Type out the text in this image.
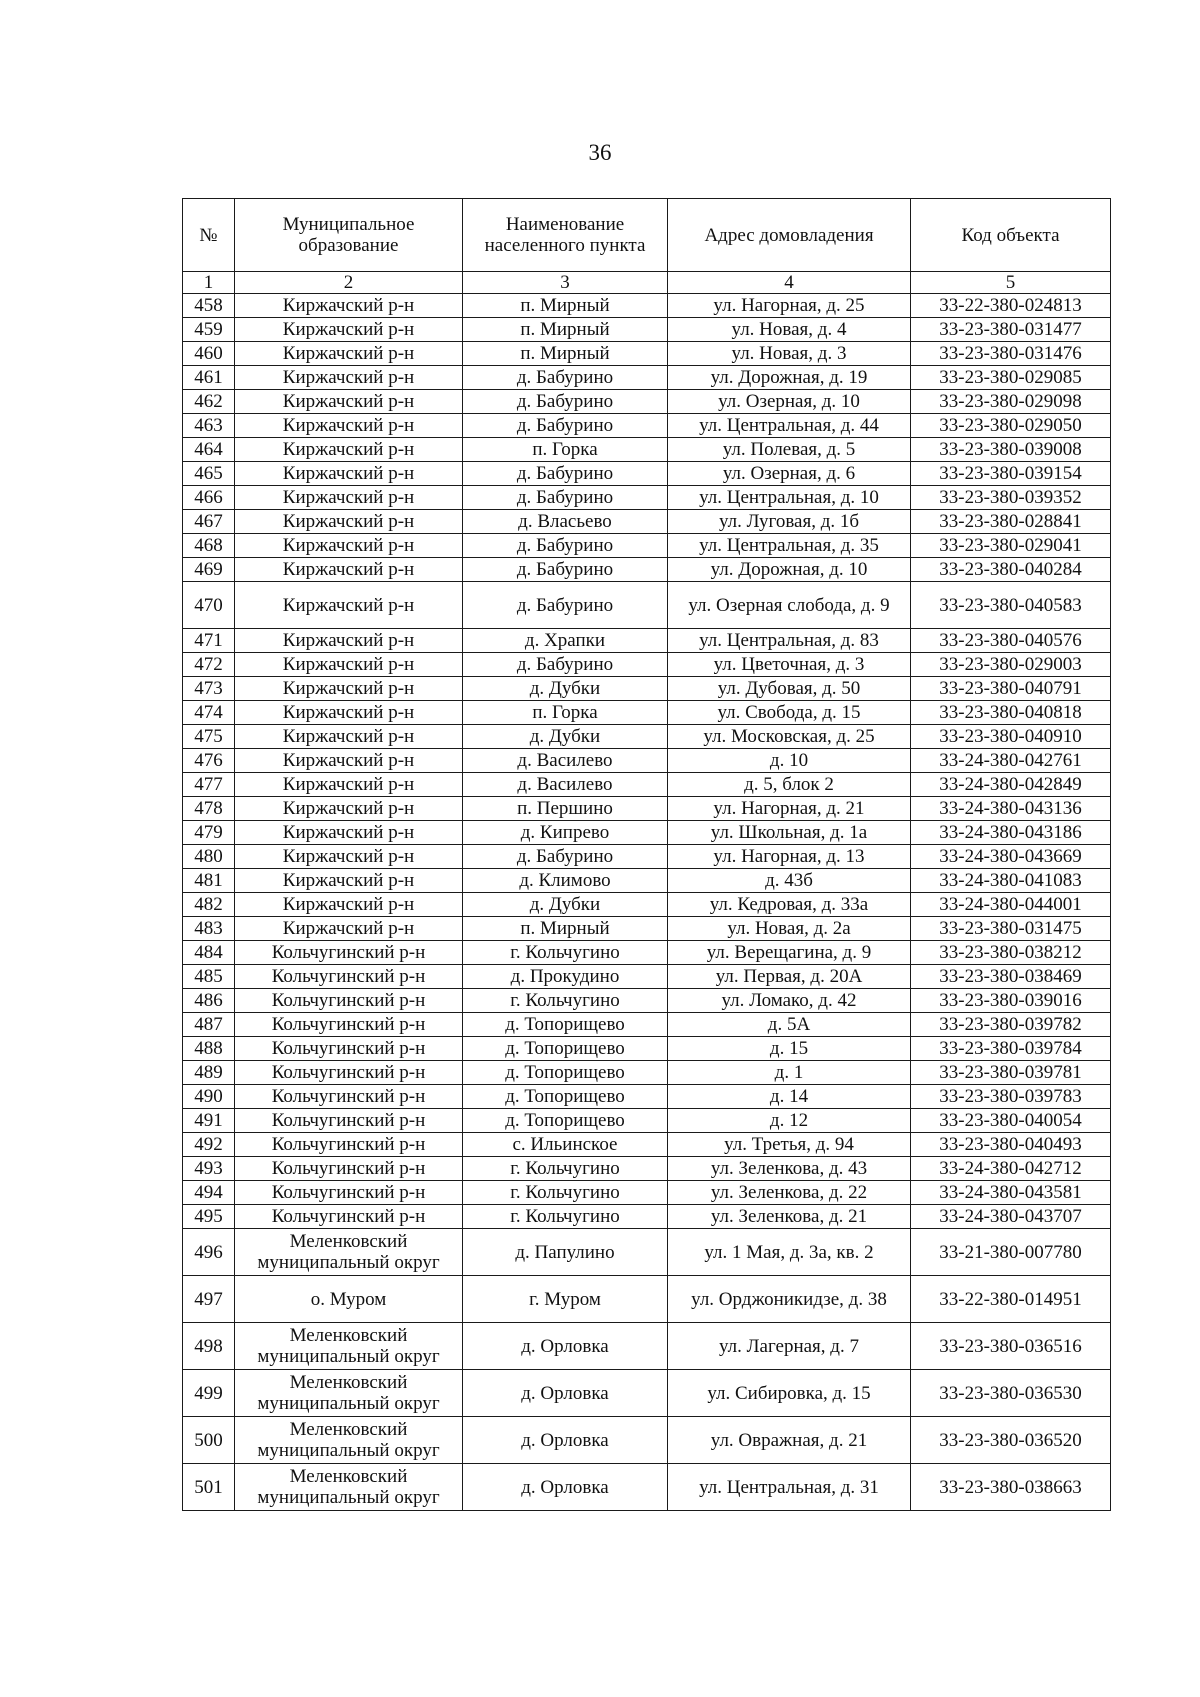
36
№	Муниципальное образование	Наименование населенного пункта	Адрес домовладения	Код объекта
1	2	3	4	5
458	Киржачский р-н	п. Мирный	ул. Нагорная, д. 25	33-22-380-024813
459	Киржачский р-н	п. Мирный	ул. Новая, д. 4	33-23-380-031477
460	Киржачский р-н	п. Мирный	ул. Новая, д. 3	33-23-380-031476
461	Киржачский р-н	д. Бабурино	ул. Дорожная, д. 19	33-23-380-029085
462	Киржачский р-н	д. Бабурино	ул. Озерная, д. 10	33-23-380-029098
463	Киржачский р-н	д. Бабурино	ул. Центральная, д. 44	33-23-380-029050
464	Киржачский р-н	п. Горка	ул. Полевая, д. 5	33-23-380-039008
465	Киржачский р-н	д. Бабурино	ул. Озерная, д. 6	33-23-380-039154
466	Киржачский р-н	д. Бабурино	ул. Центральная, д. 10	33-23-380-039352
467	Киржачский р-н	д. Власьево	ул. Луговая, д. 1б	33-23-380-028841
468	Киржачский р-н	д. Бабурино	ул. Центральная, д. 35	33-23-380-029041
469	Киржачский р-н	д. Бабурино	ул. Дорожная, д. 10	33-23-380-040284
470	Киржачский р-н	д. Бабурино	ул. Озерная слобода, д. 9	33-23-380-040583
471	Киржачский р-н	д. Храпки	ул. Центральная, д. 83	33-23-380-040576
472	Киржачский р-н	д. Бабурино	ул. Цветочная, д. 3	33-23-380-029003
473	Киржачский р-н	д. Дубки	ул. Дубовая, д. 50	33-23-380-040791
474	Киржачский р-н	п. Горка	ул. Свобода, д. 15	33-23-380-040818
475	Киржачский р-н	д. Дубки	ул. Московская, д. 25	33-23-380-040910
476	Киржачский р-н	д. Василево	д. 10	33-24-380-042761
477	Киржачский р-н	д. Василево	д. 5, блок 2	33-24-380-042849
478	Киржачский р-н	п. Першино	ул. Нагорная, д. 21	33-24-380-043136
479	Киржачский р-н	д. Кипрево	ул. Школьная, д. 1а	33-24-380-043186
480	Киржачский р-н	д. Бабурино	ул. Нагорная, д. 13	33-24-380-043669
481	Киржачский р-н	д. Климово	д. 43б	33-24-380-041083
482	Киржачский р-н	д. Дубки	ул. Кедровая, д. 33а	33-24-380-044001
483	Киржачский р-н	п. Мирный	ул. Новая, д. 2а	33-23-380-031475
484	Кольчугинский р-н	г. Кольчугино	ул. Верещагина, д. 9	33-23-380-038212
485	Кольчугинский р-н	д. Прокудино	ул. Первая, д. 20А	33-23-380-038469
486	Кольчугинский р-н	г. Кольчугино	ул. Ломако, д. 42	33-23-380-039016
487	Кольчугинский р-н	д. Топорищево	д. 5А	33-23-380-039782
488	Кольчугинский р-н	д. Топорищево	д. 15	33-23-380-039784
489	Кольчугинский р-н	д. Топорищево	д. 1	33-23-380-039781
490	Кольчугинский р-н	д. Топорищево	д. 14	33-23-380-039783
491	Кольчугинский р-н	д. Топорищево	д. 12	33-23-380-040054
492	Кольчугинский р-н	с. Ильинское	ул. Третья, д. 94	33-23-380-040493
493	Кольчугинский р-н	г. Кольчугино	ул. Зеленкова, д. 43	33-24-380-042712
494	Кольчугинский р-н	г. Кольчугино	ул. Зеленкова, д. 22	33-24-380-043581
495	Кольчугинский р-н	г. Кольчугино	ул. Зеленкова, д. 21	33-24-380-043707
496	Меленковский муниципальный округ	д. Папулино	ул. 1 Мая, д. 3а, кв. 2	33-21-380-007780
497	о. Муром	г. Муром	ул. Орджоникидзе, д. 38	33-22-380-014951
498	Меленковский муниципальный округ	д. Орловка	ул. Лагерная, д. 7	33-23-380-036516
499	Меленковский муниципальный округ	д. Орловка	ул. Сибировка, д. 15	33-23-380-036530
500	Меленковский муниципальный округ	д. Орловка	ул. Овражная, д. 21	33-23-380-036520
501	Меленковский муниципальный округ	д. Орловка	ул. Центральная, д. 31	33-23-380-038663
